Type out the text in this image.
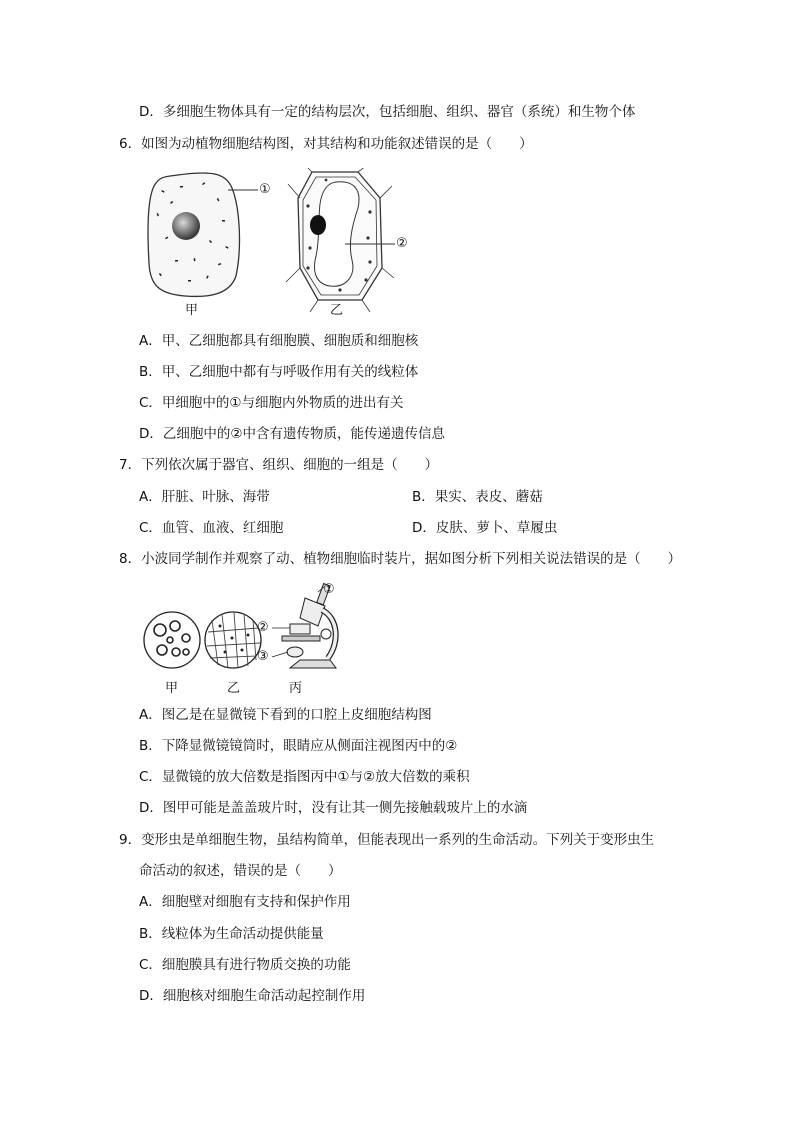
D．多细胞生物体具有一定的结构层次，包括细胞、组织、器官（系统）和生物个体
6．如图为动植物细胞结构图，对其结构和功能叙述错误的是（　　）
①
②
甲	乙
A．甲、乙细胞都具有细胞膜、细胞质和细胞核
B．甲、乙细胞中都有与呼吸作用有关的线粒体
C．甲细胞中的①与细胞内外物质的进出有关
D．乙细胞中的②中含有遗传物质，能传递遗传信息
7．下列依次属于器官、组织、细胞的一组是（　　）
A．肝脏、叶脉、海带	B．果实、表皮、蘑菇
C．血管、血液、红细胞	D．皮肤、萝卜、草履虫
8．小波同学制作并观察了动、植物细胞临时装片，据如图分析下列相关说法错误的是（　　）
①
②
③
甲	乙	丙
A．图乙是在显微镜下看到的口腔上皮细胞结构图
B．下降显微镜镜筒时，眼睛应从侧面注视图丙中的②
C．显微镜的放大倍数是指图丙中①与②放大倍数的乘积
D．图甲可能是盖盖玻片时，没有让其一侧先接触载玻片上的水滴
9．变形虫是单细胞生物，虽结构简单，但能表现出一系列的生命活动。下列关于变形虫生
命活动的叙述，错误的是（　　）
A．细胞壁对细胞有支持和保护作用
B．线粒体为生命活动提供能量
C．细胞膜具有进行物质交换的功能
D．细胞核对细胞生命活动起控制作用
